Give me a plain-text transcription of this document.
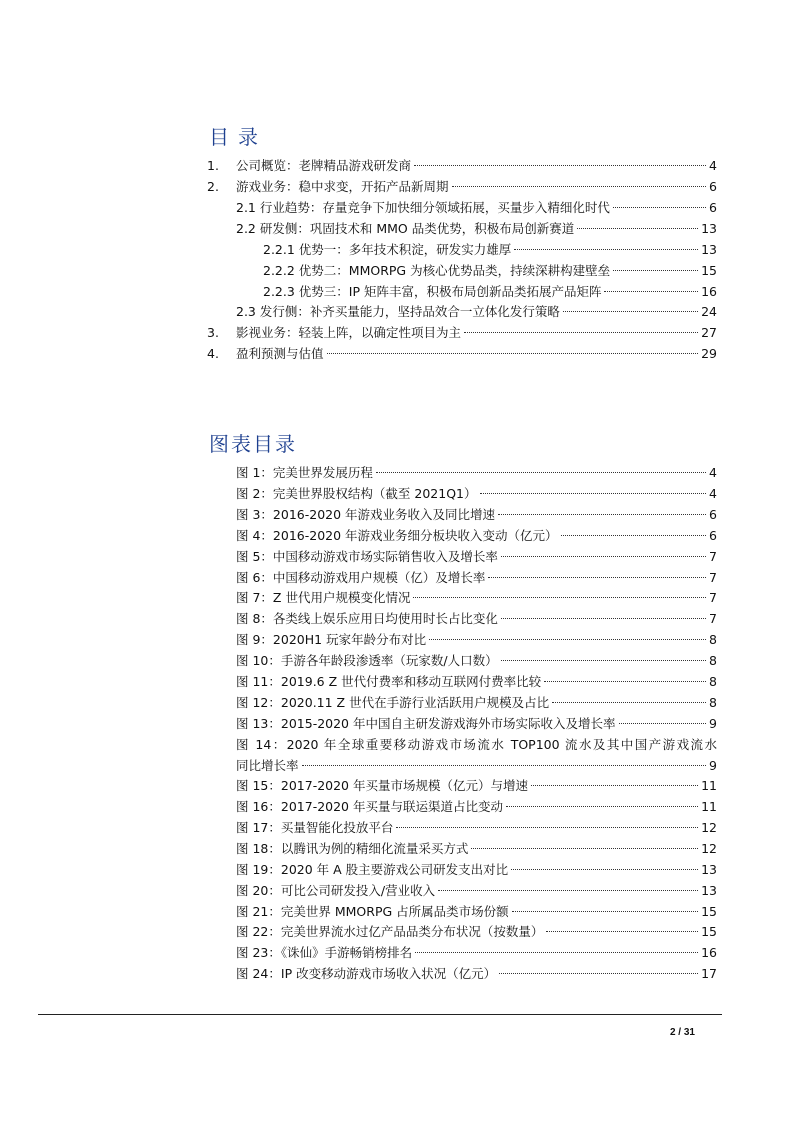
目录
1.	公司概览：老牌精品游戏研发商	4
2.	游戏业务：稳中求变，开拓产品新周期	6
2.1 行业趋势：存量竞争下加快细分领域拓展，买量步入精细化时代	6
2.2 研发侧：巩固技术和 MMO 品类优势，积极布局创新赛道	13
2.2.1 优势一：多年技术积淀，研发实力雄厚	13
2.2.2 优势二：MMORPG 为核心优势品类，持续深耕构建壁垒	15
2.2.3 优势三：IP 矩阵丰富，积极布局创新品类拓展产品矩阵	16
2.3 发行侧：补齐买量能力，坚持品效合一立体化发行策略	24
3.	影视业务：轻装上阵，以确定性项目为主	27
4.	盈利预测与估值	29
图表目录
图 1：完美世界发展历程	4
图 2：完美世界股权结构（截至 2021Q1）	4
图 3：2016-2020 年游戏业务收入及同比增速	6
图 4：2016-2020 年游戏业务细分板块收入变动（亿元）	6
图 5：中国移动游戏市场实际销售收入及增长率	7
图 6：中国移动游戏用户规模（亿）及增长率	7
图 7：Z 世代用户规模变化情况	7
图 8：各类线上娱乐应用日均使用时长占比变化	7
图 9：2020H1 玩家年龄分布对比	8
图 10：手游各年龄段渗透率（玩家数/人口数）	8
图 11：2019.6 Z 世代付费率和移动互联网付费率比较	8
图 12：2020.11 Z 世代在手游行业活跃用户规模及占比	8
图 13：2015-2020 年中国自主研发游戏海外市场实际收入及增长率	9
图 14：2020 年全球重要移动游戏市场流水 TOP100 流水及其中国产游戏流水
同比增长率	9
图 15：2017-2020 年买量市场规模（亿元）与增速	11
图 16：2017-2020 年买量与联运渠道占比变动	11
图 17：买量智能化投放平台	12
图 18：以腾讯为例的精细化流量采买方式	12
图 19：2020 年 A 股主要游戏公司研发支出对比	13
图 20：可比公司研发投入/营业收入	13
图 21：完美世界 MMORPG 占所属品类市场份额	15
图 22：完美世界流水过亿产品品类分布状况（按数量）	15
图 23：《诛仙》手游畅销榜排名	16
图 24：IP 改变移动游戏市场收入状况（亿元）	17
2 / 31
